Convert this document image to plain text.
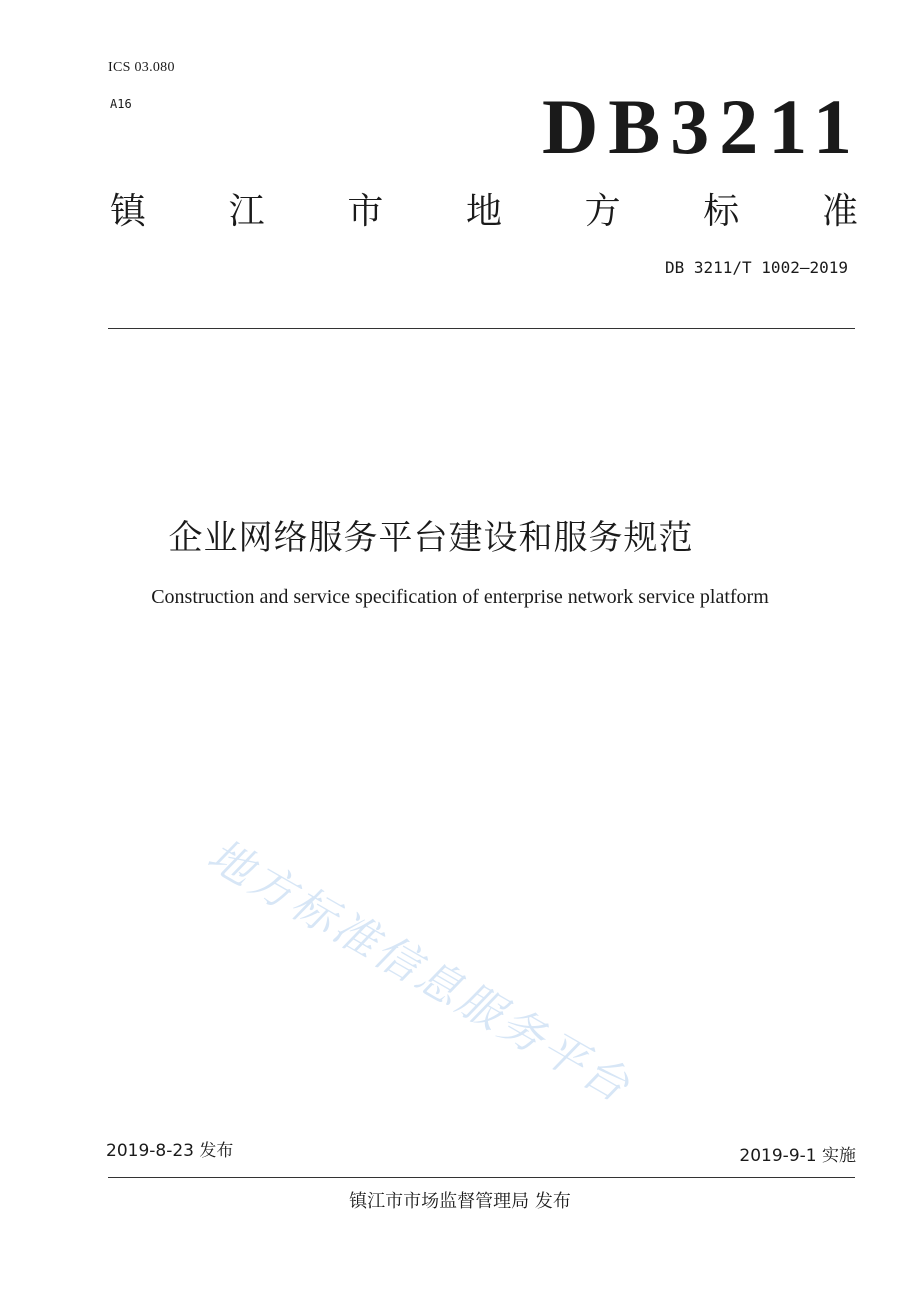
ICS 03.080
A16	DB3211
镇 江 市 地 方 标 准
DB 3211/T 1002—2019
企业网络服务平台建设和服务规范
Construction and service specification of enterprise network service platform
地方标准信息服务平台
2019-8-23 发布	2019-9-1 实施
镇江市市场监督管理局 发布
